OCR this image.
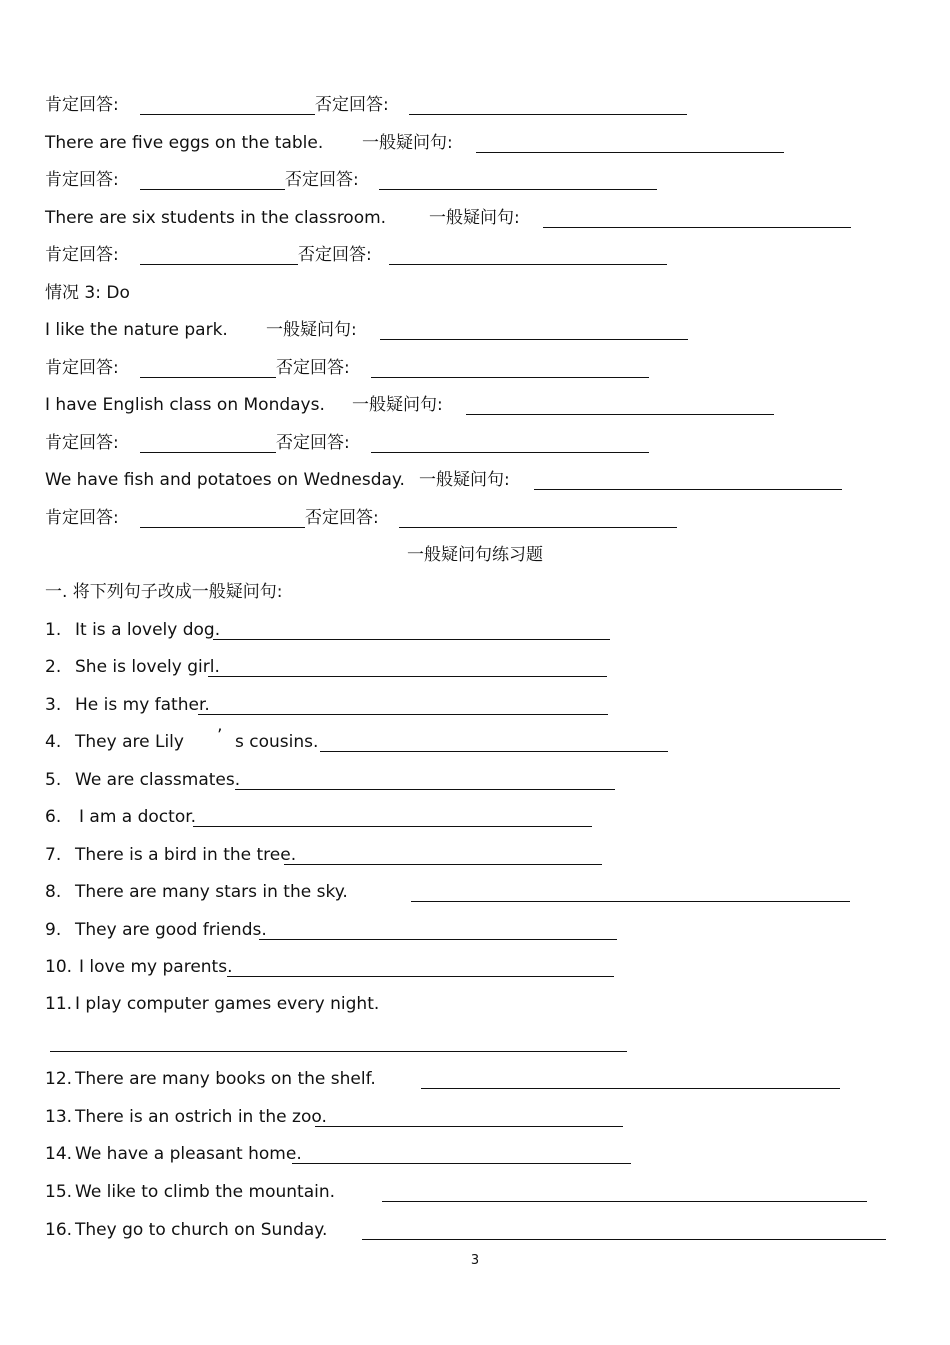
肯定回答:	否定回答:
There are five eggs on the table. 一般疑问句:
肯定回答:	否定回答:
There are six students in the classroom.	一般疑问句:
肯定回答:	否定回答:
情况 3: Do
I like the nature park. 一般疑问句:
肯定回答:	否定回答:
I have English class on Mondays. 一般疑问句:
肯定回答:	否定回答:
We have fish and potatoes on Wednesday. 一般疑问句:
肯定回答:	否定回答:
一般疑问句练习题
一. 将下列句子改成一般疑问句:
1. It is a lovely dog.
2. She is lovely girl.
3. He is my father.
4. They are Lily ’ s cousins.
5. We are classmates.
6. I am a doctor.
7. There is a bird in the tree.
8. There are many stars in the sky.
9. They are good friends.
10. I love my parents.
11. I play computer games every night.
12. There are many books on the shelf.
13. There is an ostrich in the zoo.
14. We have a pleasant home.
15. We like to climb the mountain.
16. They go to church on Sunday.
3
